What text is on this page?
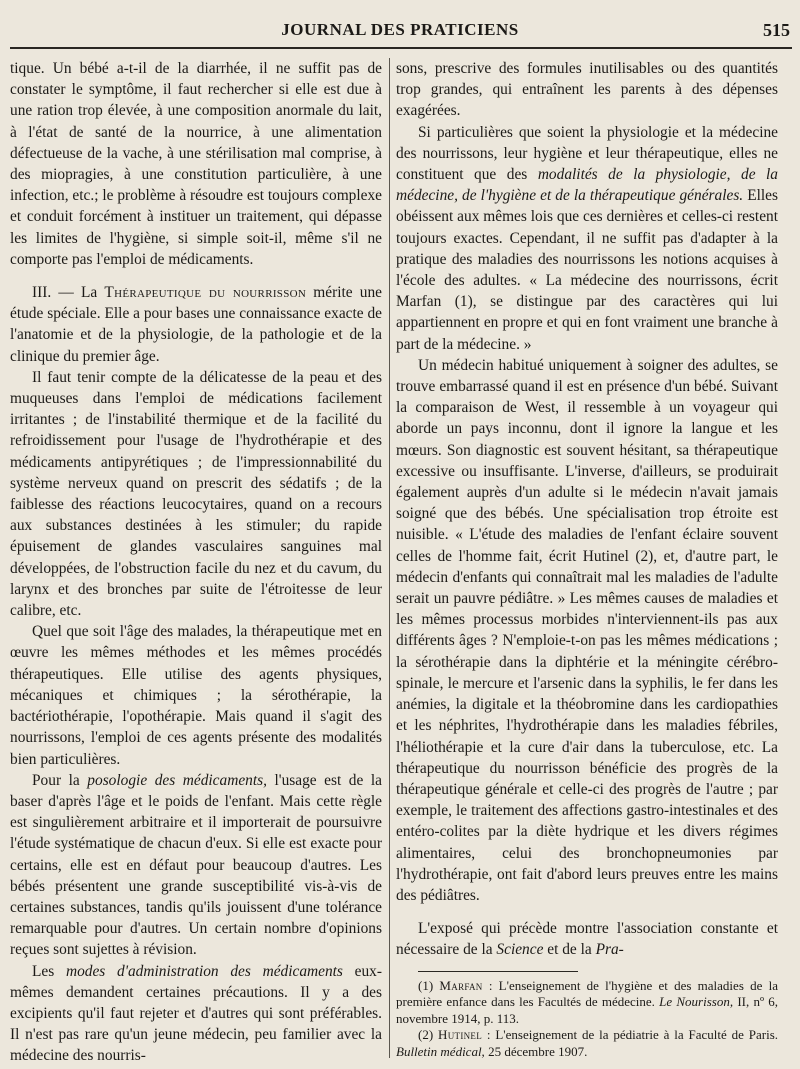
JOURNAL DES PRATICIENS	515

tique. Un bébé a-t-il de la diarrhée, il ne suffit pas de constater le symptôme, il faut rechercher si elle est due à une ration trop élevée, à une composition anormale du lait, à l'état de santé de la nourrice, à une alimentation défectueuse de la vache, à une stérilisation mal comprise, à des miopragies, à une constitution particulière, à une infection, etc.; le problème à résoudre est toujours complexe et conduit forcément à instituer un traitement, qui dépasse les limites de l'hygiène, si simple soit-il, même s'il ne comporte pas l'emploi de médicaments.

III. — La Thérapeutique du nourrisson mérite une étude spéciale. Elle a pour bases une connaissance exacte de l'anatomie et de la physiologie, de la pathologie et de la clinique du premier âge.

Il faut tenir compte de la délicatesse de la peau et des muqueuses dans l'emploi de médications facilement irritantes ; de l'instabilité thermique et de la facilité du refroidissement pour l'usage de l'hydrothérapie et des médicaments antipyrétiques ; de l'impressionnabilité du système nerveux quand on prescrit des sédatifs ; de la faiblesse des réactions leucocytaires, quand on a recours aux substances destinées à les stimuler; du rapide épuisement de glandes vasculaires sanguines mal développées, de l'obstruction facile du nez et du cavum, du larynx et des bronches par suite de l'étroitesse de leur calibre, etc.

Quel que soit l'âge des malades, la thérapeutique met en œuvre les mêmes méthodes et les mêmes procédés thérapeutiques. Elle utilise des agents physiques, mécaniques et chimiques ; la sérothérapie, la bactériothérapie, l'opothérapie. Mais quand il s'agit des nourrissons, l'emploi de ces agents présente des modalités bien particulières.

Pour la posologie des médicaments, l'usage est de la baser d'après l'âge et le poids de l'enfant. Mais cette règle est singulièrement arbitraire et il importerait de poursuivre l'étude systématique de chacun d'eux. Si elle est exacte pour certains, elle est en défaut pour beaucoup d'autres. Les bébés présentent une grande susceptibilité vis-à-vis de certaines substances, tandis qu'ils jouissent d'une tolérance remarquable pour d'autres. Un certain nombre d'opinions reçues sont sujettes à révision.

Les modes d'administration des médicaments eux-mêmes demandent certaines précautions. Il y a des excipients qu'il faut rejeter et d'autres qui sont préférables. Il n'est pas rare qu'un jeune médecin, peu familier avec la médecine des nourris-

sons, prescrive des formules inutilisables ou des quantités trop grandes, qui entraînent les parents à des dépenses exagérées.

Si particulières que soient la physiologie et la médecine des nourrissons, leur hygiène et leur thérapeutique, elles ne constituent que des modalités de la physiologie, de la médecine, de l'hygiène et de la thérapeutique générales. Elles obéissent aux mêmes lois que ces dernières et celles-ci restent toujours exactes. Cependant, il ne suffit pas d'adapter à la pratique des maladies des nourrissons les notions acquises à l'école des adultes. « La médecine des nourrissons, écrit Marfan (1), se distingue par des caractères qui lui appartiennent en propre et qui en font vraiment une branche à part de la médecine. »

Un médecin habitué uniquement à soigner des adultes, se trouve embarrassé quand il est en présence d'un bébé. Suivant la comparaison de West, il ressemble à un voyageur qui aborde un pays inconnu, dont il ignore la langue et les mœurs. Son diagnostic est souvent hésitant, sa thérapeutique excessive ou insuffisante. L'inverse, d'ailleurs, se produirait également auprès d'un adulte si le médecin n'avait jamais soigné que des bébés. Une spécialisation trop étroite est nuisible. « L'étude des maladies de l'enfant éclaire souvent celles de l'homme fait, écrit Hutinel (2), et, d'autre part, le médecin d'enfants qui connaîtrait mal les maladies de l'adulte serait un pauvre pédiâtre. » Les mêmes causes de maladies et les mêmes processus morbides n'interviennent-ils pas aux différents âges ? N'emploie-t-on pas les mêmes médications ; la sérothérapie dans la diphtérie et la méningite cérébro-spinale, le mercure et l'arsenic dans la syphilis, le fer dans les anémies, la digitale et la théobromine dans les cardiopathies et les néphrites, l'hydrothérapie dans les maladies fébriles, l'héliothérapie et la cure d'air dans la tuberculose, etc. La thérapeutique du nourrisson bénéficie des progrès de la thérapeutique générale et celle-ci des progrès de l'autre ; par exemple, le traitement des affections gastro-intestinales et des entéro-colites par la diète hydrique et les divers régimes alimentaires, celui des bronchopneumonies par l'hydrothérapie, ont fait d'abord leurs preuves entre les mains des pédiâtres.

L'exposé qui précède montre l'association constante et nécessaire de la Science et de la Pra-

(1) Marfan : L'enseignement de l'hygiène et des maladies de la première enfance dans les Facultés de médecine. Le Nourisson, II, nº 6, novembre 1914, p. 113.

(2) Hutinel : L'enseignement de la pédiatrie à la Faculté de Paris. Bulletin médical, 25 décembre 1907.
